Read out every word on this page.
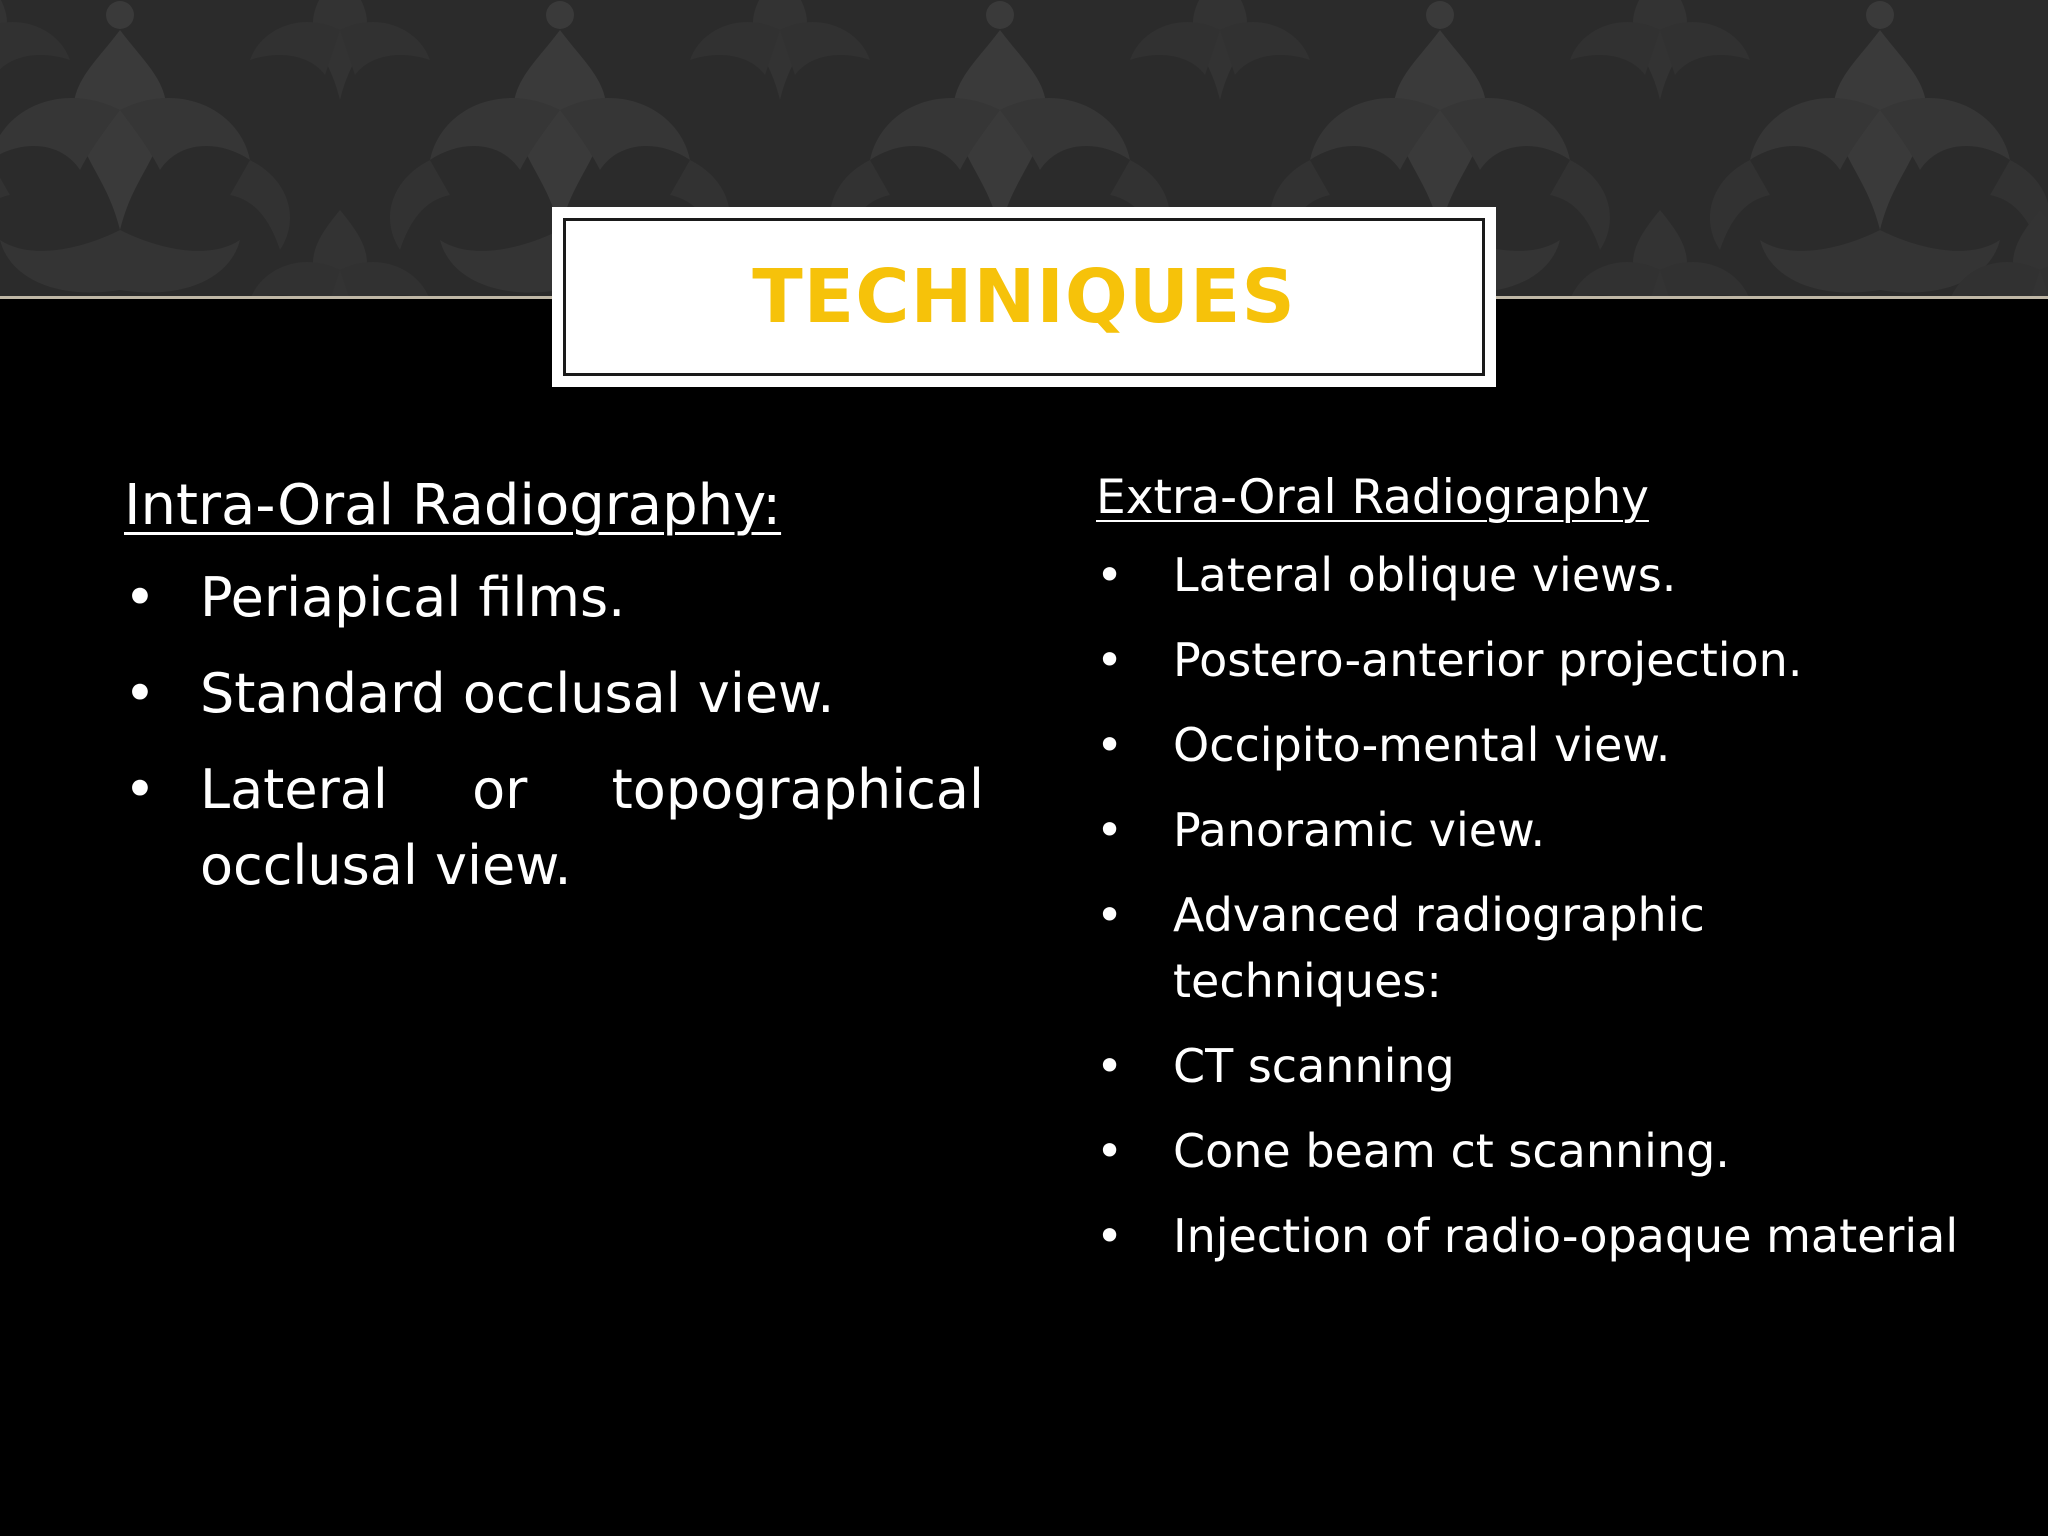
TECHNIQUES
Intra-Oral Radiography:
• Periapical films.
• Standard occlusal view.
• Lateral or topographical occlusal view.
Extra-Oral Radiography
• Lateral oblique views.
• Postero-anterior projection.
• Occipito-mental view.
• Panoramic view.
• Advanced radiographic techniques:
• CT scanning
• Cone beam ct scanning.
• Injection of radio-opaque material
